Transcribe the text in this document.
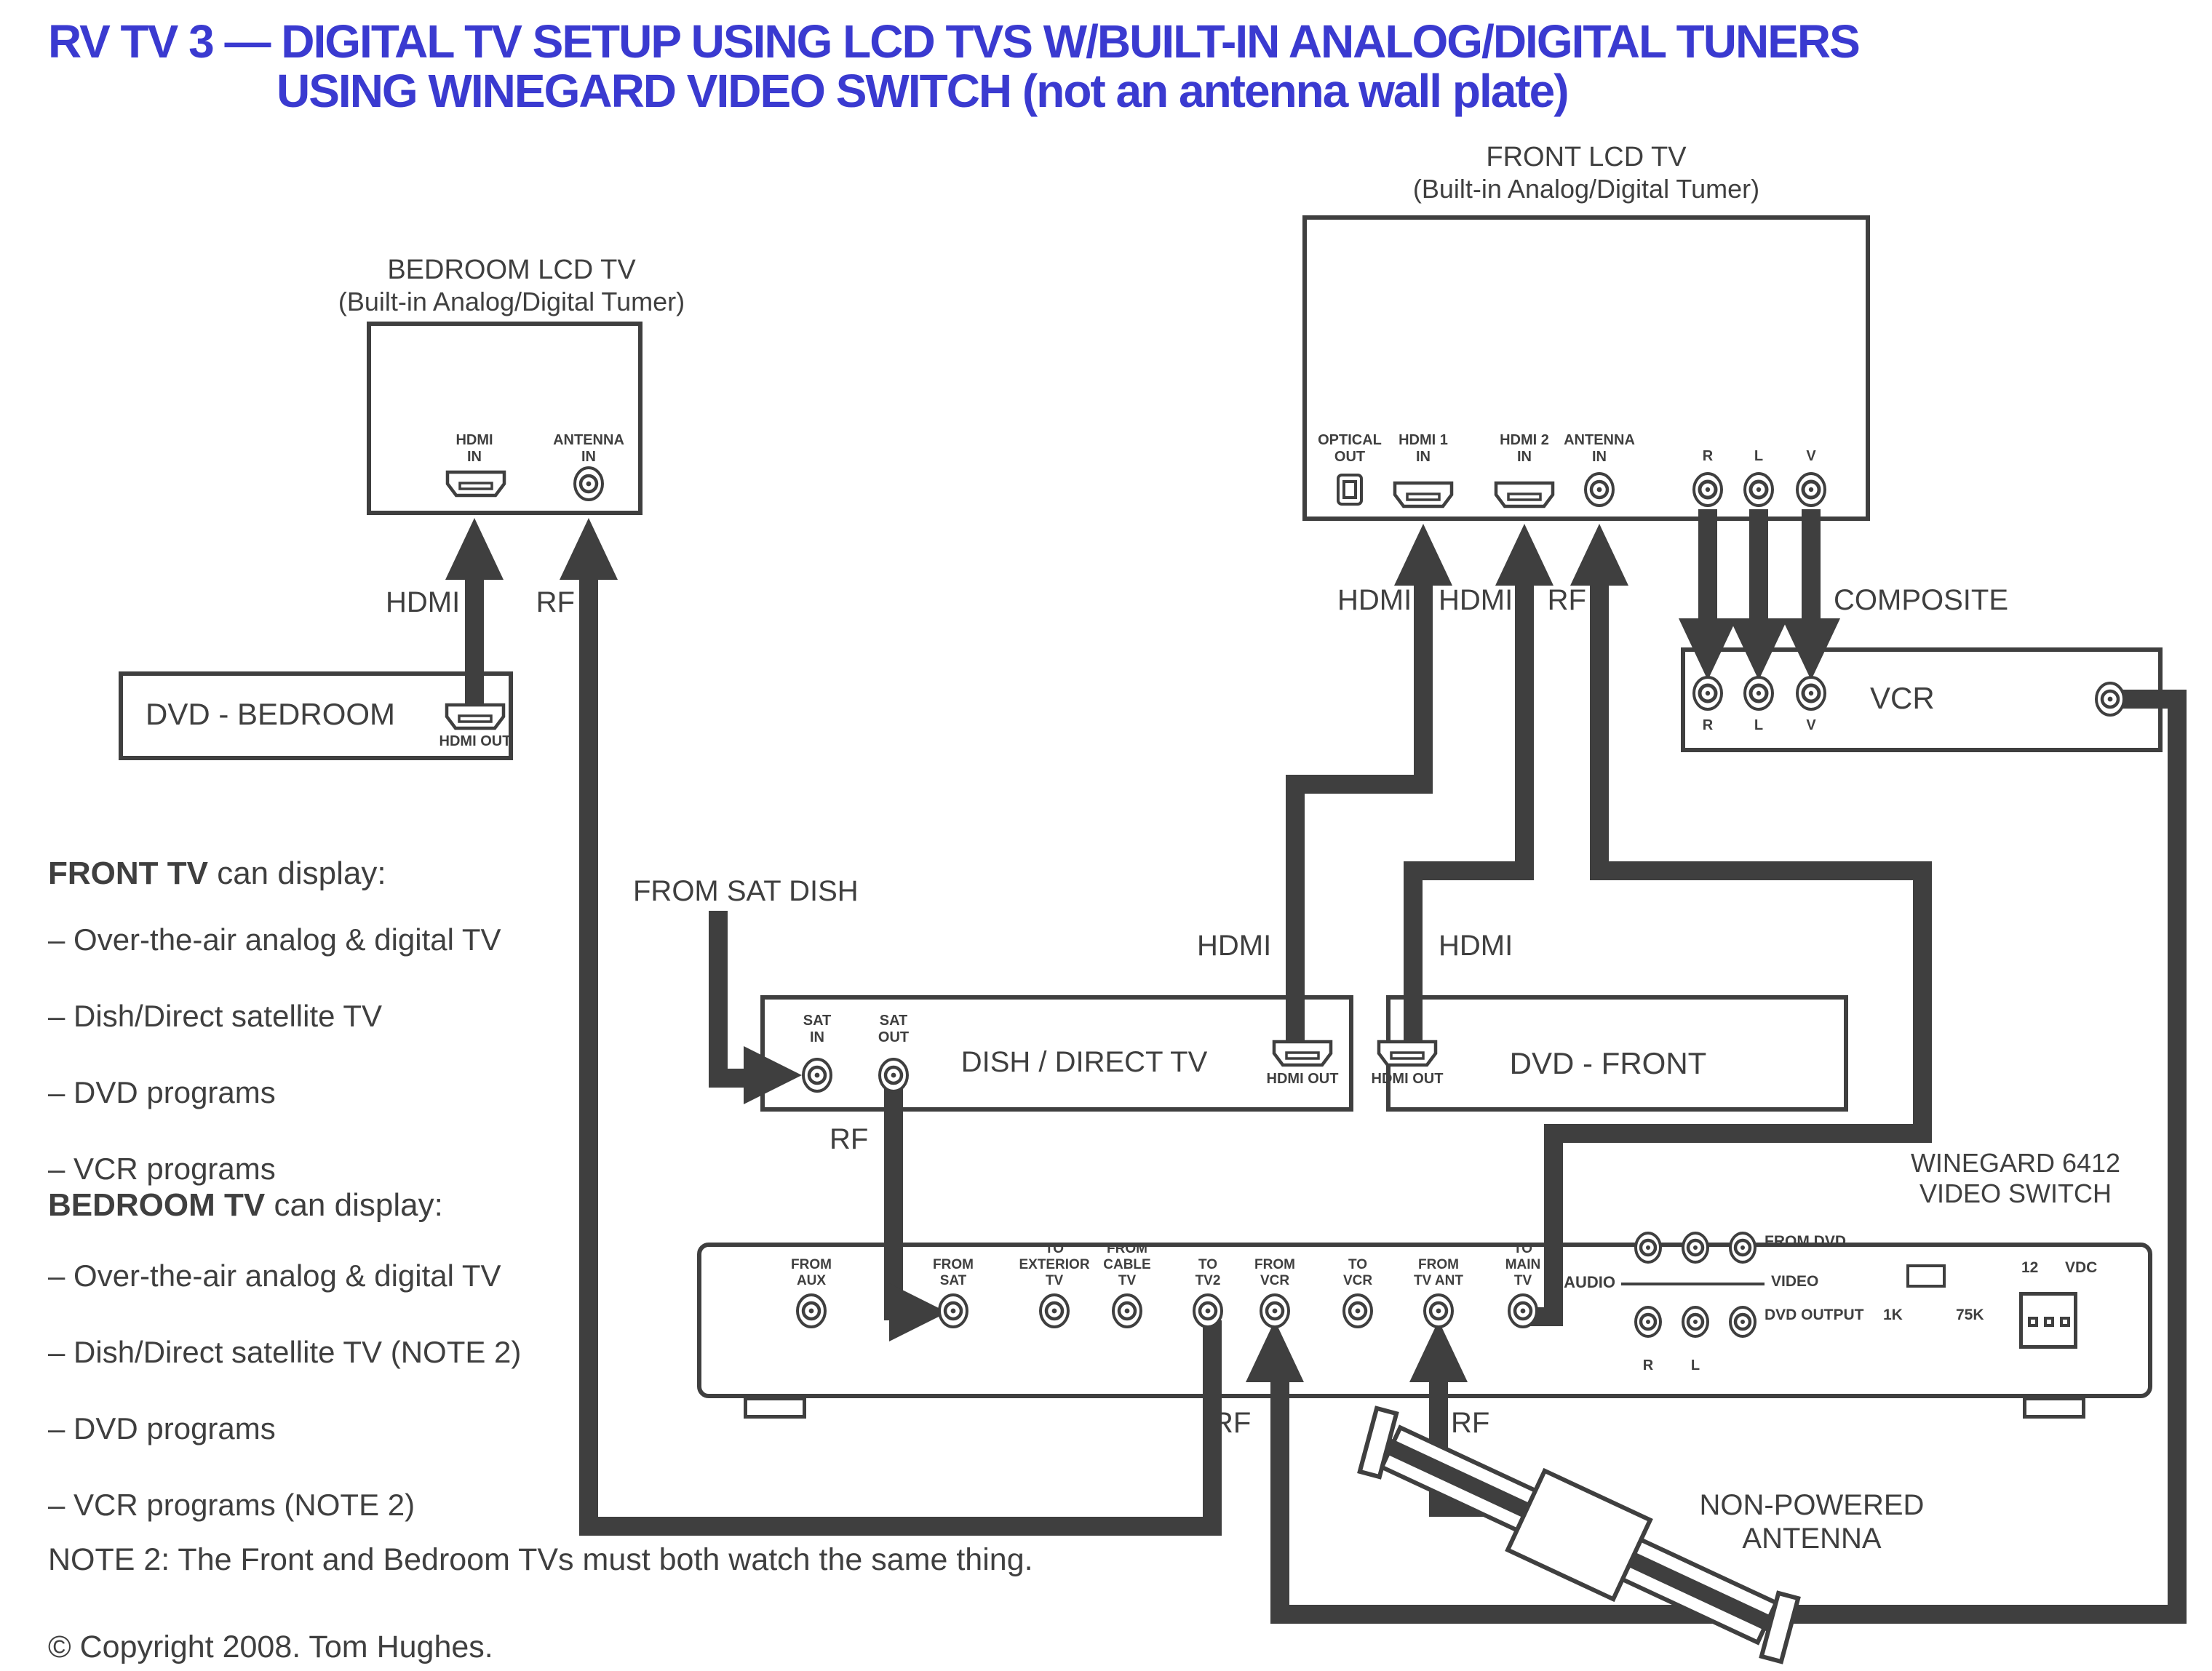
RV TV 3 — DIGITAL TV SETUP USING LCD TVS W/BUILT-IN ANALOG/DIGITAL TUNERS
USING WINEGARD VIDEO SWITCH (not an antenna wall plate)
BEDROOM LCD TV
(Built-in Analog/Digital Tumer)
FRONT LCD TV
(Built-in Analog/Digital Tumer)
DVD - BEDROOM	VCR
DISH / DIRECT TV	DVD - FRONT
WINEGARD 6412
VIDEO SWITCH
HDMI
IN
ANTENNA
IN
OPTICAL
OUT
HDMI 1
IN
HDMI 2
IN
ANTENNA
IN	R	L	V
HDMI OUT
R	L	V
SAT
IN
SAT
OUT
HDMI OUT	HDMI OUT
FROM
AUX
FROM
SAT
TO
EXTERIOR
TV
FROM
CABLE
TV
TO
TV2
FROM
VCR
TO
VCR
FROM
TV ANT
TO
MAIN
TV	AUDIO	VIDEO
FROM DVD
DVD OUTPUT
R	L
1K	75K
12 VDC
HDMI	RF	HDMI HDMI RF	COMPOSITE
FROM SAT DISH
HDMI	HDMI
RF
RF	RF
NON-POWERED
ANTENNA
FRONT TV can display:
– Over-the-air analog & digital TV
– Dish/Direct satellite TV
– DVD programs
– VCR programs
BEDROOM TV can display:
– Over-the-air analog & digital TV
– Dish/Direct satellite TV (NOTE 2)
– DVD programs
– VCR programs (NOTE 2)
NOTE 2: The Front and Bedroom TVs must both watch the same thing.
© Copyright 2008. Tom Hughes.
